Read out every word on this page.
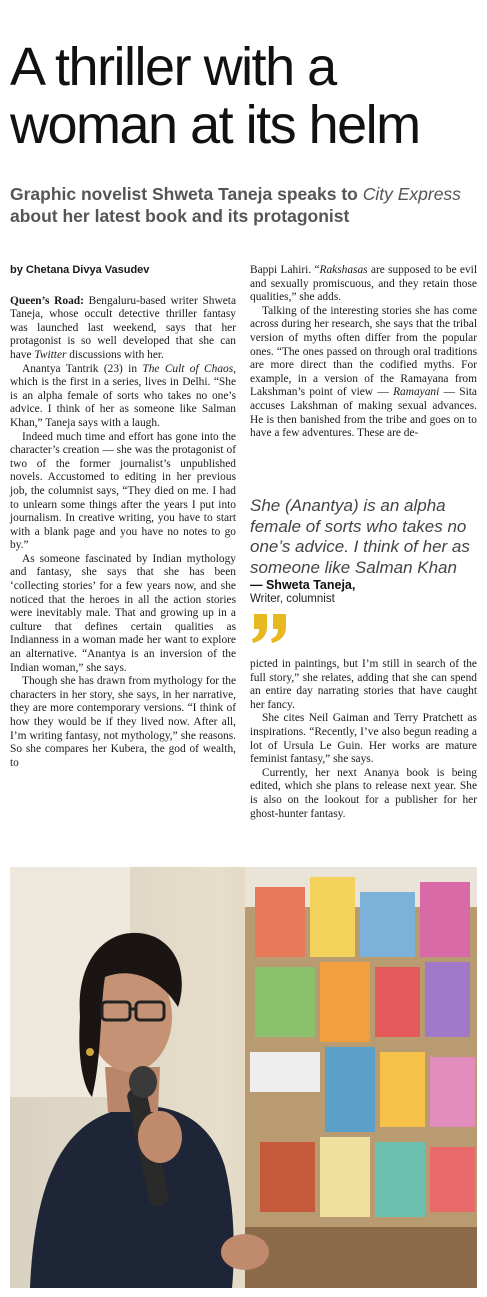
A thriller with a
woman at its helm
Graphic novelist Shweta Taneja speaks to City Express about her latest book and its protagonist

by Chetana Divya Vasudev

Queen’s Road: Bengaluru-based writer Shweta Taneja, whose occult detective thriller fantasy was launched last weekend, says that her protagonist is so well developed that she can have Twitter discussions with her.

Anantya Tantrik (23) in The Cult of Chaos, which is the first in a series, lives in Delhi. “She is an alpha female of sorts who takes no one’s advice. I think of her as someone like Salman Khan,” Taneja says with a laugh.

Indeed much time and effort has gone into the character’s creation — she was the protagonist of two of the former journalist’s unpublished novels. Accustomed to editing in her previous job, the columnist says, “They died on me. I had to unlearn some things after the years I put into journalism. In creative writing, you have to start with a blank page and you have no notes to go by.”

As someone fascinated by Indian mythology and fantasy, she says that she has been ‘collecting stories’ for a few years now, and she noticed that the heroes in all the action stories were inevitably male. That and growing up in a culture that defines certain qualities as Indianness in a woman made her want to explore an alternative. “Anantya is an inversion of the Indian woman,” she says.

Though she has drawn from mythology for the characters in her story, she says, in her narrative, they are more contemporary versions. “I think of how they would be if they lived now. After all, I’m writing fantasy, not mythology,” she reasons. So she compares her Kubera, the god of wealth, to

Bappi Lahiri. “Rakshasas are supposed to be evil and sexually promiscuous, and they retain those qualities,” she adds.

Talking of the interesting stories she has come across during her research, she says that the tribal version of myths often differ from the popular ones. “The ones passed on through oral traditions are more direct than the codified myths. For example, in a version of the Ramayana from Lakshman’s point of view — Ramayani — Sita accuses Lakshman of making sexual advances. He is then banished from the tribe and goes on to have a few adventures. These are de-

She (Anantya) is an alpha female of sorts who takes no one’s advice. I think of her as someone like Salman Khan
— Shweta Taneja,
Writer, columnist

picted in paintings, but I’m still in search of the full story,” she relates, adding that she can spend an entire day narrating stories that have caught her fancy.

She cites Neil Gaiman and Terry Pratchett as inspirations. “Recently, I’ve also begun reading a lot of Ursula Le Guin. Her works are mature feminist fantasy,” she says.

Currently, her next Ananya book is being edited, which she plans to release next year. She is also on the lookout for a publisher for her ghost-hunter fantasy.
